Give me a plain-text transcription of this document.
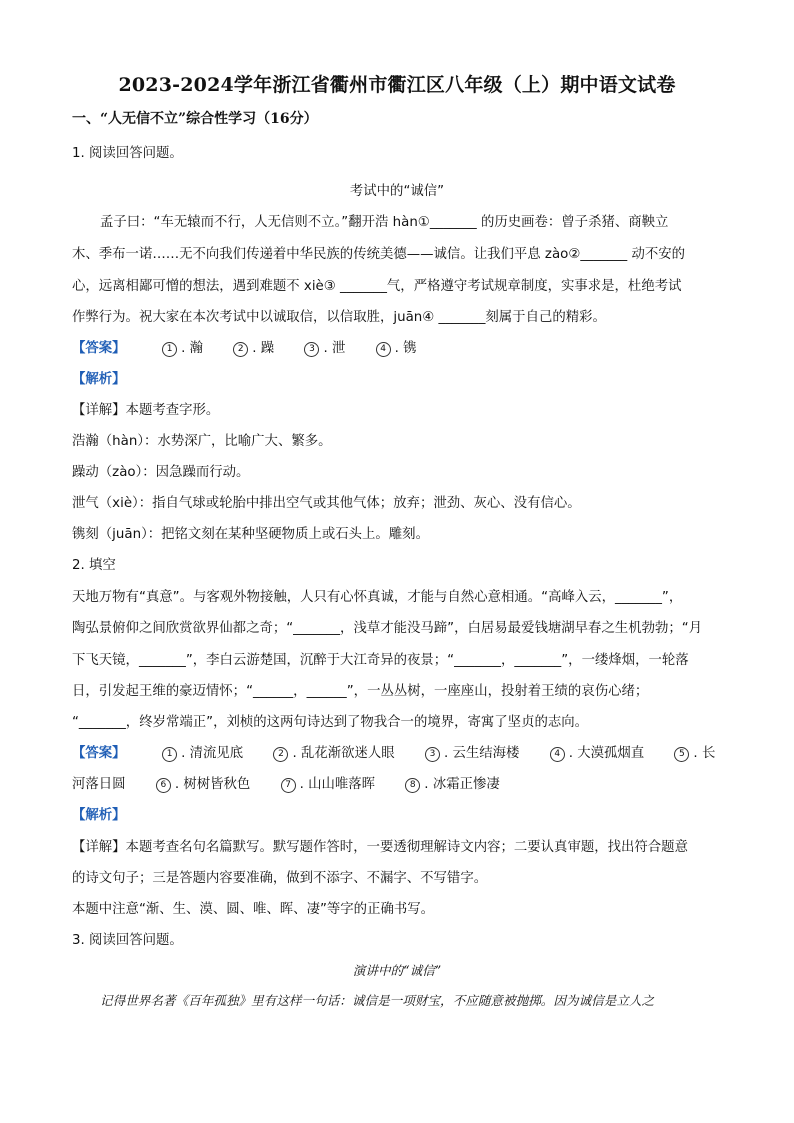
2023-2024学年浙江省衢州市衢江区八年级（上）期中语文试卷
一、“人无信不立”综合性学习（16分）
1. 阅读回答问题。
考试中的“诚信”
孟子曰：“车无辕而不行，人无信则不立。”翻开浩 hàn①_______ 的历史画卷：曾子杀猪、商鞅立
木、季布一诺……无不向我们传递着中华民族的传统美德——诚信。让我们平息 zào②_______ 动不安的
心，远离相鄙可憎的想法，遇到难题不 xiè③ _______气，严格遵守考试规章制度，实事求是，杜绝考试
作弊行为。祝大家在本次考试中以诚取信，以信取胜，juān④ _______刻属于自己的精彩。
【答案】	1 . 瀚	2 . 躁	3 . 泄	4 . 镌
【解析】
【详解】本题考查字形。
浩瀚（hàn）：水势深广，比喻广大、繁多。
躁动（zào）：因急躁而行动。
泄气（xiè）：指自气球或轮胎中排出空气或其他气体；放弃；泄劲、灰心、没有信心。
镌刻（juān）：把铭文刻在某种坚硬物质上或石头上。雕刻。
2. 填空
天地万物有“真意”。与客观外物接触，人只有心怀真诚，才能与自然心意相通。“高峰入云，_______”，
陶弘景俯仰之间欣赏欲界仙都之奇；“_______，浅草才能没马蹄”，白居易最爱钱塘湖早春之生机勃勃；“月
下飞天镜，_______”，李白云游楚国，沉醉于大江奇异的夜景；“_______，_______”，一缕烽烟，一轮落
日，引发起王维的豪迈情怀；“______，______”，一丛丛树，一座座山，投射着王绩的哀伤心绪；
“_______，终岁常端正”，刘桢的这两句诗达到了物我合一的境界，寄寓了坚贞的志向。
【答案】	1 . 清流见底	2 . 乱花渐欲迷人眼	3 . 云生结海楼	4 . 大漠孤烟直	5 . 长
河落日圆	6 . 树树皆秋色	7 . 山山唯落晖	8 . 冰霜正惨凄
【解析】
【详解】本题考查名句名篇默写。默写题作答时，一要透彻理解诗文内容；二要认真审题，找出符合题意
的诗文句子；三是答题内容要准确，做到不添字、不漏字、不写错字。
本题中注意“渐、生、漠、圆、唯、晖、凄”等字的正确书写。
3. 阅读回答问题。
演讲中的“诚信”
记得世界名著《百年孤独》里有这样一句话：诚信是一项财宝，不应随意被抛掷。因为诚信是立人之
